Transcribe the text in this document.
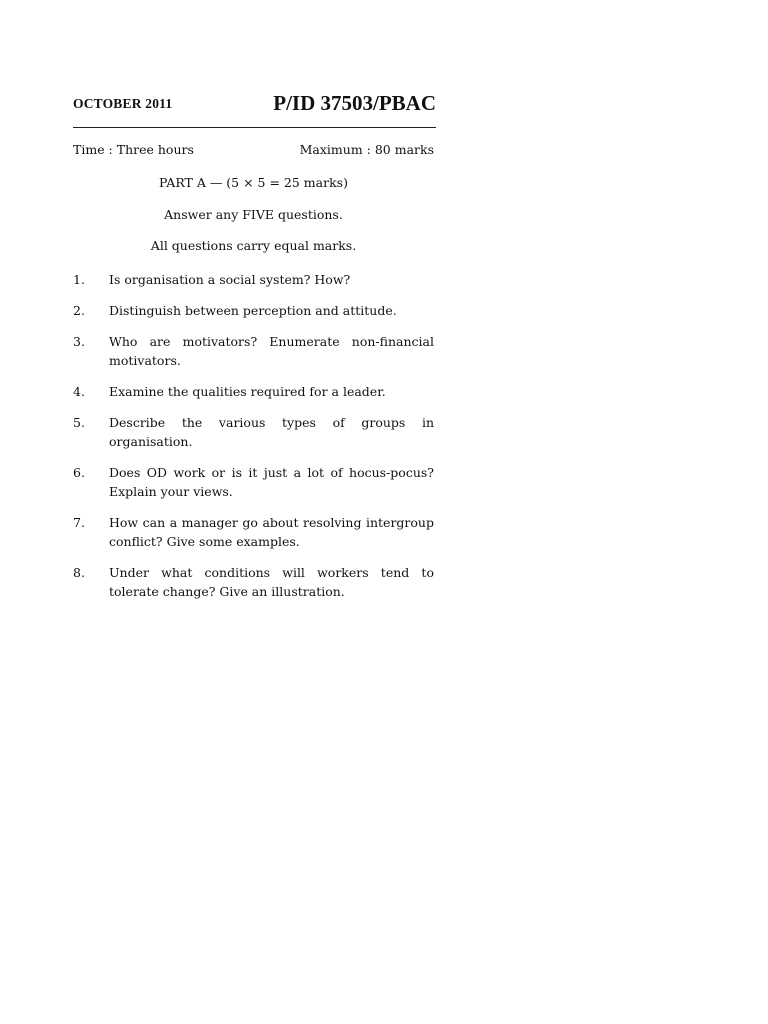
OCTOBER 2011	P/ID 37503/PBAC
Time : Three hours	Maximum : 80 marks
PART A — (5 × 5 = 25 marks)
Answer any FIVE questions.
All questions carry equal marks.
1. Is organisation a social system? How?
2. Distinguish between perception and attitude.
3. Who are motivators? Enumerate non-financial motivators.
4. Examine the qualities required for a leader.
5. Describe the various types of groups in organisation.
6. Does OD work or is it just a lot of hocus-pocus? Explain your views.
7. How can a manager go about resolving intergroup conflict? Give some examples.
8. Under what conditions will workers tend to tolerate change? Give an illustration.
